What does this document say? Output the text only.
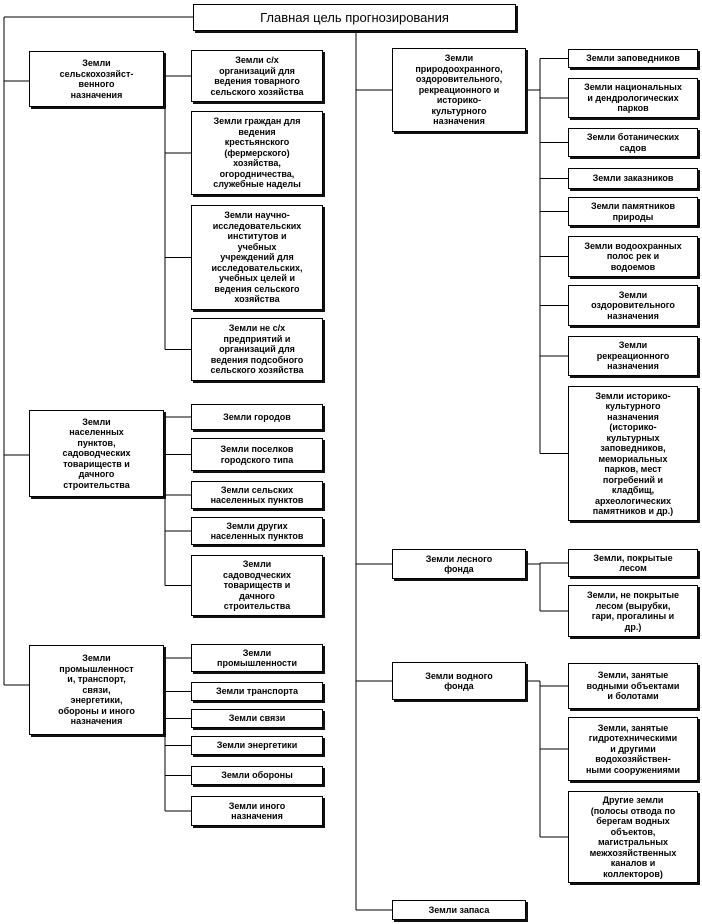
Главная цель прогнозирования
Земли
сельскохозяйст-
венного
назначения
Земли с/х
организаций для
ведения товарного
сельского хозяйства
Земли граждан для
ведения
крестьянского
(фермерского)
хозяйства,
огородничества,
служебные наделы
Земли научно-
исследовательских
институтов и
учебных
учреждений для
исследовательских,
учебных целей и
ведения сельского
хозяйства
Земли не с/х
предприятий и
организаций для
ведения подсобного
сельского хозяйства
Земли
населенных
пунктов,
садоводческих
товариществ и
дачного
строительства
Земли городов
Земли поселков
городского типа
Земли сельских
населенных пунктов
Земли других
населенных пунктов
Земли
садоводческих
товариществ и
дачного
строительства
Земли
промышленност
и, транспорт,
связи,
энергетики,
обороны и иного
назначения
Земли
промышленности
Земли транспорта
Земли связи
Земли энергетики
Земли обороны
Земли иного
назначения
Земли
природоохранного,
оздоровительного,
рекреационного и
историко-
культурного
назначения
Земли заповедников
Земли национальных
и дендрологических
парков
Земли ботанических
садов
Земли заказников
Земли памятников
природы
Земли водоохранных
полос рек и
водоемов
Земли
оздоровительного
назначения
Земли
рекреационного
назначения
Земли историко-
культурного
назначения
(историко-
культурных
заповедников,
мемориальных
парков, мест
погребений и
кладбищ,
археологических
памятников и др.)
Земли лесного
фонда
Земли, покрытые
лесом
Земли, не покрытые
лесом (вырубки,
гари, прогалины и
др.)
Земли водного
фонда
Земли, занятые
водными объектами
и болотами
Земли, занятые
гидротехническими
и другими
водохозяйствен-
ными сооружениями
Другие земли
(полосы отвода по
берегам водных
объектов,
магистральных
межхозяйственных
каналов и
коллекторов)
Земли запаса
